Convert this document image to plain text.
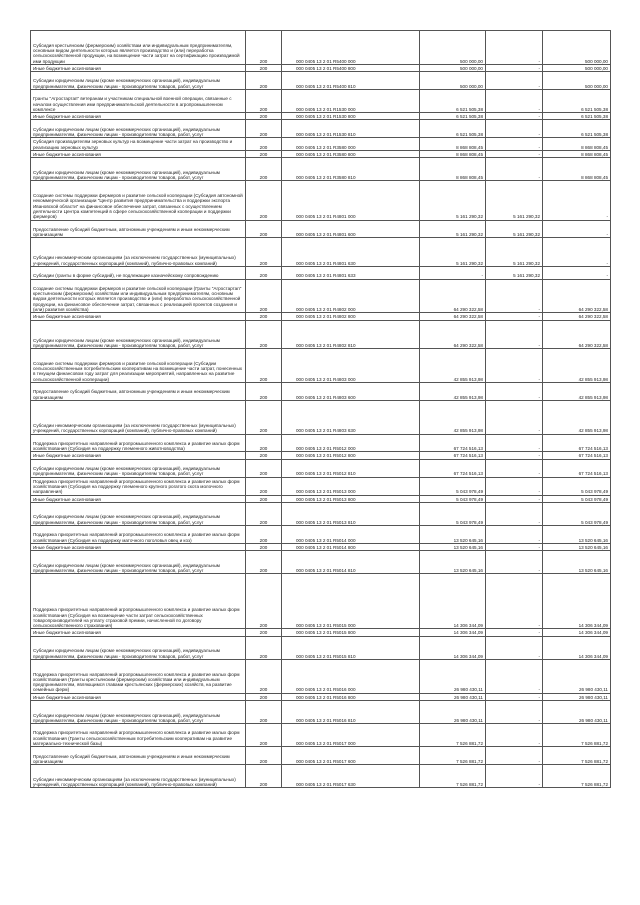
Субсидия крестьянским (фермерским) хозяйствам или индивидуальным предпринимателям, основным видом деятельности которых является производство и (или) переработка сельскохозяйственной продукции, на возмещение части затрат на сертификацию производимой ими продукции	200	000 0405 13 2 01 R5400 000	500 000,00	-	500 000,00
Иные бюджетные ассигнования	200	000 0405 13 2 01 R5400 800	500 000,00	-	500 000,00
Субсидии юридическим лицам (кроме некоммерческих организаций), индивидуальным предпринимателям, физическим лицам - производителям товаров, работ, услуг	200	000 0405 13 2 01 R5400 810	500 000,00	-	500 000,00
Гранты "Агростартап" ветеранам и участникам специальной военной операции, связанные с началом осуществления ими предпринимательской деятельности в агропромышленном комплексе	200	000 0405 13 2 01 R1530 000	6 521 505,38	-	6 521 505,38
Иные бюджетные ассигнования	200	000 0405 13 2 01 R1530 800	6 521 505,38	-	6 521 505,38
Субсидии юридическим лицам (кроме некоммерческих организаций), индивидуальным предпринимателям, физическим лицам - производителям товаров, работ, услуг	200	000 0405 13 2 01 R1530 810	6 521 505,38	-	6 521 505,38
Субсидия производителям зерновых культур на возмещение части затрат на производство и реализацию зерновых культур	200	000 0405 13 2 01 R3580 000	8 868 808,45	-	8 868 808,45
Иные бюджетные ассигнования	200	000 0405 13 2 01 R3580 800	8 868 808,45	-	8 868 808,45
Субсидии юридическим лицам (кроме некоммерческих организаций), индивидуальным предпринимателям, физическим лицам - производителям товаров, работ, услуг	200	000 0405 13 2 01 R3580 810	8 868 808,45	-	8 868 808,45
Создание системы поддержки фермеров и развитие сельской кооперации (Субсидия автономной некоммерческой организации "Центр развития предпринимательства и поддержки экспорта Ивановской области" на финансовое обеспечение затрат, связанных с осуществлением деятельности Центра компетенций в сфере сельскохозяйственной кооперации и поддержки фермеров)	200	000 0405 13 2 01 R4801 000	5 161 290,32	5 161 290,32	-
Предоставление субсидий бюджетным, автономным учреждениям и иным некоммерческим организациям	200	000 0405 13 2 01 R4801 600	5 161 290,32	5 161 290,32	-
Субсидии некоммерческим организациям (за исключением государственных (муниципальных) учреждений, государственных корпораций (компаний), публично-правовых компаний)	200	000 0405 13 2 01 R4801 630	5 161 290,32	5 161 290,32	-
Субсидии (гранты в форме субсидий), не подлежащие казначейскому сопровождению	200	000 0405 13 2 01 R4801 633	-	5 161 290,32	-
Создание системы поддержки фермеров и развитие сельской кооперации (Гранты "Агростартап" крестьянским (фермерским) хозяйствам или индивидуальным предпринимателям, основным видом деятельности которых является производство и (или) переработка сельскохозяйственной продукции, на финансовое обеспечение затрат, связанных с реализацией проектов создания и (или) развития хозяйства)	200	000 0405 13 2 01 R4802 000	64 290 322,58	-	64 290 322,58
Иные бюджетные ассигнования	200	000 0405 13 2 01 R4802 800	64 290 322,58	-	64 290 322,58
Субсидии юридическим лицам (кроме некоммерческих организаций), индивидуальным предпринимателям, физическим лицам - производителям товаров, работ, услуг	200	000 0405 13 2 01 R4802 810	64 290 322,58	-	64 290 322,58
Создание системы поддержки фермеров и развитие сельской кооперации (Субсидии сельскохозяйственным потребительским кооперативам на возмещение части затрат, понесенных в текущем финансовом году затрат для реализации мероприятий, направленных на развитие сельскохозяйственной кооперации)	200	000 0405 13 2 01 R4803 000	42 855 913,98	-	42 855 913,98
Предоставление субсидий бюджетным, автономным учреждениям и иным некоммерческим организациям	200	000 0405 13 2 01 R4803 600	42 855 913,98	-	42 855 913,98
Субсидии некоммерческим организациям (за исключением государственных (муниципальных) учреждений, государственных корпораций (компаний), публично-правовых компаний)	200	000 0405 13 2 01 R4803 630	42 855 913,98	-	42 855 913,98
Поддержка приоритетных направлений агропромышленного комплекса и развитие малых форм хозяйствования (Субсидия на поддержку племенного животноводства)	200	000 0405 13 2 01 R5012 000	67 724 516,13	-	67 724 516,13
Иные бюджетные ассигнования	200	000 0405 13 2 01 R5012 800	67 724 516,13	-	67 724 516,13
Субсидии юридическим лицам (кроме некоммерческих организаций), индивидуальным предпринимателям, физическим лицам - производителям товаров, работ, услуг	200	000 0405 13 2 01 R5012 810	67 724 516,13	-	67 724 516,13
Поддержка приоритетных направлений агропромышленного комплекса и развитие малых форм хозяйствования (Субсидия на поддержку племенного крупного рогатого скота молочного направления)	200	000 0405 13 2 01 R5013 000	5 043 978,49	-	5 043 978,49
Иные бюджетные ассигнования	200	000 0405 13 2 01 R5013 800	5 043 978,49	-	5 043 978,49
Субсидии юридическим лицам (кроме некоммерческих организаций), индивидуальным предпринимателям, физическим лицам - производителям товаров, работ, услуг	200	000 0405 13 2 01 R5013 810	5 043 978,49	-	5 043 978,49
Поддержка приоритетных направлений агропромышленного комплекса и развитие малых форм хозяйствования (Субсидия на поддержку маточного поголовья овец и коз)	200	000 0405 13 2 01 R5014 000	13 520 645,16	-	13 520 645,16
Иные бюджетные ассигнования	200	000 0405 13 2 01 R5014 800	13 520 645,16	-	13 520 645,16
Субсидии юридическим лицам (кроме некоммерческих организаций), индивидуальным предпринимателям, физическим лицам - производителям товаров, работ, услуг	200	000 0405 13 2 01 R5014 810	13 520 645,16	-	13 520 645,16
Поддержка приоритетных направлений агропромышленного комплекса и развитие малых форм хозяйствования (Субсидия на возмещение части затрат сельскохозяйственных товаропроизводителей на уплату страховой премии, начисленной по договору сельскохозяйственного страхования)	200	000 0405 13 2 01 R5015 000	14 306 344,09	-	14 306 344,09
Иные бюджетные ассигнования	200	000 0405 13 2 01 R5015 800	14 306 344,09	-	14 306 344,09
Субсидии юридическим лицам (кроме некоммерческих организаций), индивидуальным предпринимателям, физическим лицам - производителям товаров, работ, услуг	200	000 0405 13 2 01 R5015 810	14 306 344,09	-	14 306 344,09
Поддержка приоритетных направлений агропромышленного комплекса и развитие малых форм хозяйствования (Гранты крестьянским (фермерским) хозяйствам или индивидуальным предпринимателям, являющимся главами крестьянских (фермерских) хозяйств, на развитие семейных ферм)	200	000 0405 13 2 01 R5016 000	26 980 430,11	-	26 980 430,11
Иные бюджетные ассигнования	200	000 0405 13 2 01 R5016 800	26 980 430,11	-	26 980 430,11
Субсидии юридическим лицам (кроме некоммерческих организаций), индивидуальным предпринимателям, физическим лицам - производителям товаров, работ, услуг	200	000 0405 13 2 01 R5016 810	26 980 430,11	-	26 980 430,11
Поддержка приоритетных направлений агропромышленного комплекса и развитие малых форм хозяйствования (Гранты сельскохозяйственным потребительским кооперативам на развитие материально-технической базы)	200	000 0405 13 2 01 R5017 000	7 526 881,72	-	7 526 881,72
Предоставление субсидий бюджетным, автономным учреждениям и иным некоммерческим организациям	200	000 0405 13 2 01 R5017 600	7 526 881,72	-	7 526 881,72
Субсидии некоммерческим организациям (за исключением государственных (муниципальных) учреждений, государственных корпораций (компаний), публично-правовых компаний)	200	000 0405 13 2 01 R5017 630	7 526 881,72	-	7 526 881,72
